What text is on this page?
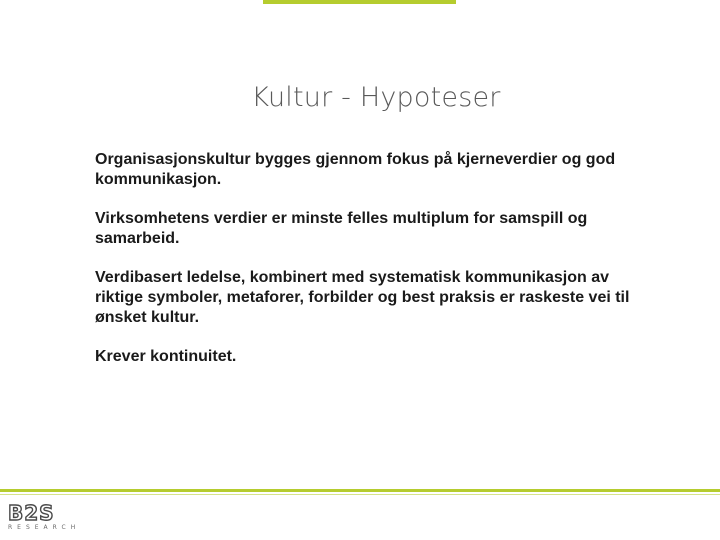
Kultur - Hypoteser

Organisasjonskultur bygges gjennom fokus på kjerneverdier og god kommunikasjon.

Virksomhetens verdier er minste felles multiplum for samspill og samarbeid.

Verdibasert ledelse, kombinert med systematisk kommunikasjon av riktige symboler, metaforer, forbilder og best praksis er raskeste vei til ønsket kultur.

Krever kontinuitet.

B2S
RESEARCH
